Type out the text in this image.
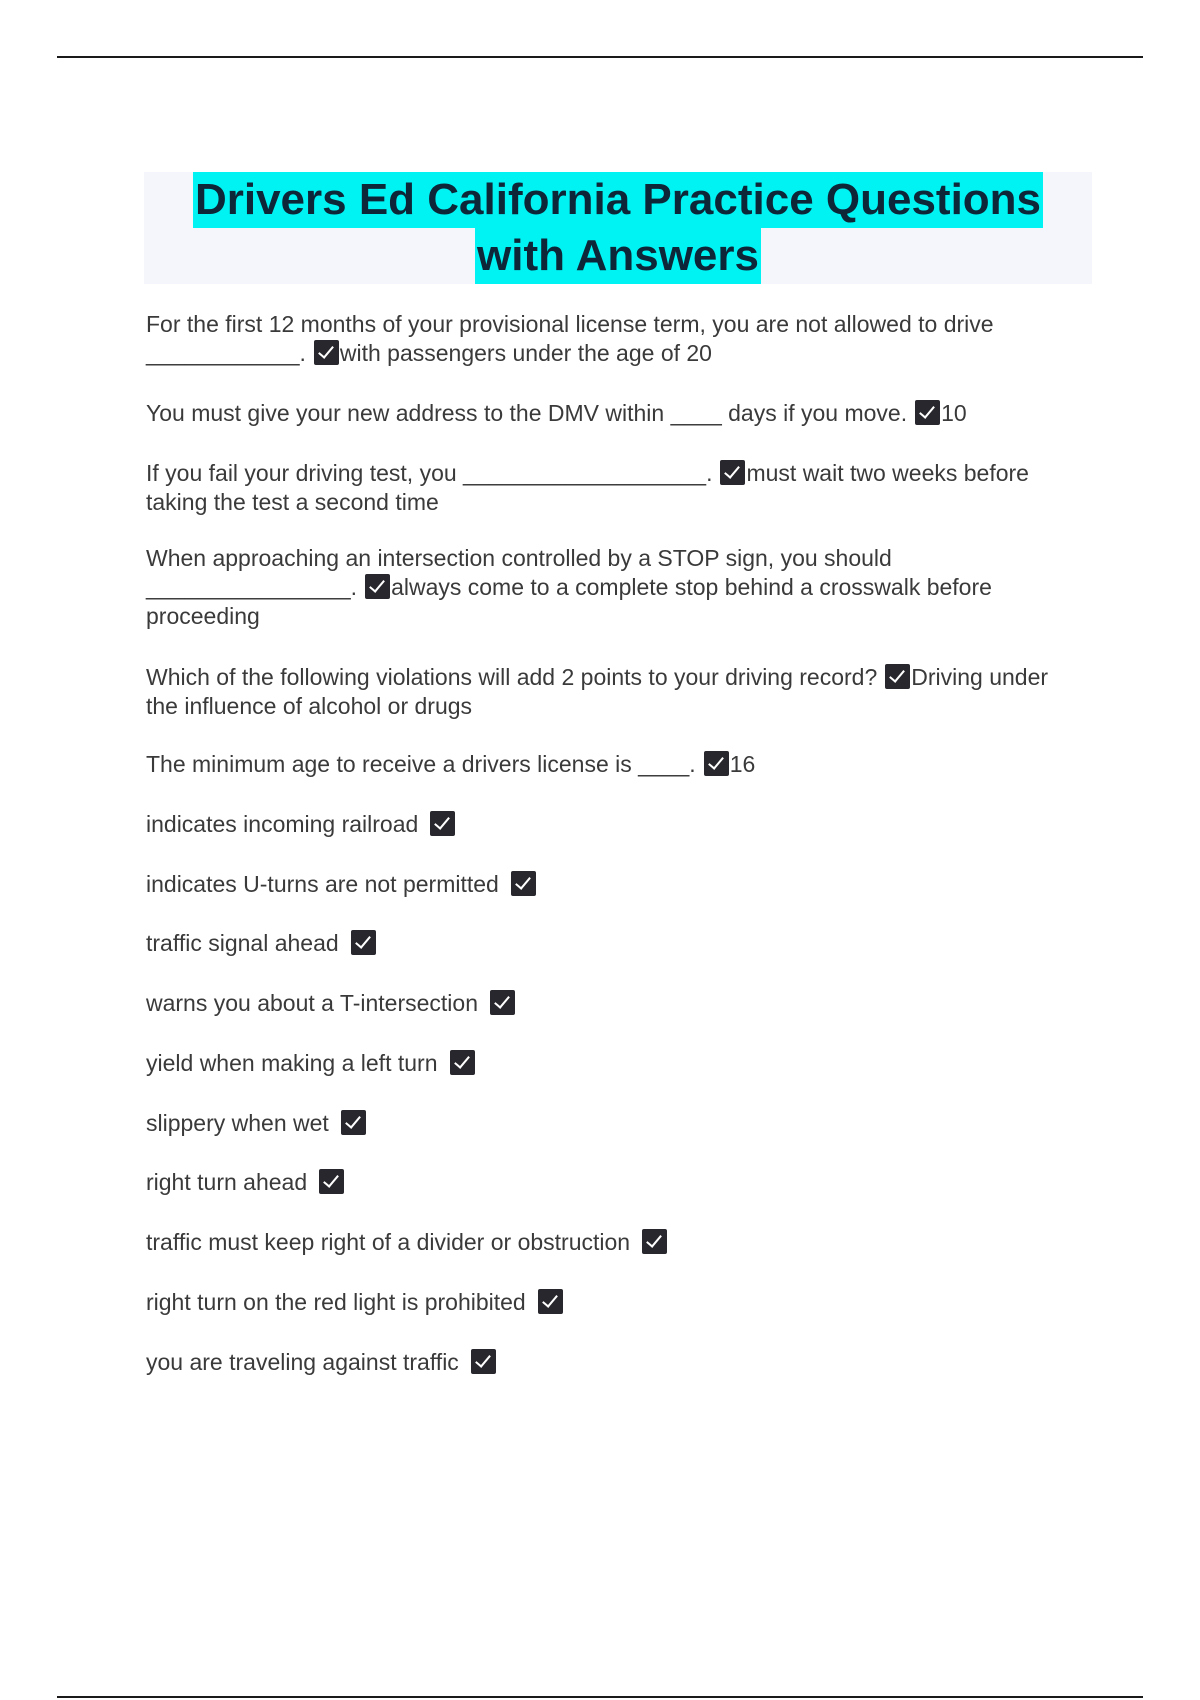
Drivers Ed California Practice Questions
with Answers

For the first 12 months of your provisional license term, you are not allowed to drive ____________. with passengers under the age of 20

You must give your new address to the DMV within ____ days if you move. 10

If you fail your driving test, you ___________________. must wait two weeks before taking the test a second time

When approaching an intersection controlled by a STOP sign, you should ________________. always come to a complete stop behind a crosswalk before proceeding

Which of the following violations will add 2 points to your driving record? Driving under the influence of alcohol or drugs

The minimum age to receive a drivers license is ____. 16

indicates incoming railroad

indicates U-turns are not permitted

traffic signal ahead

warns you about a T-intersection

yield when making a left turn

slippery when wet

right turn ahead

traffic must keep right of a divider or obstruction

right turn on the red light is prohibited

you are traveling against traffic
